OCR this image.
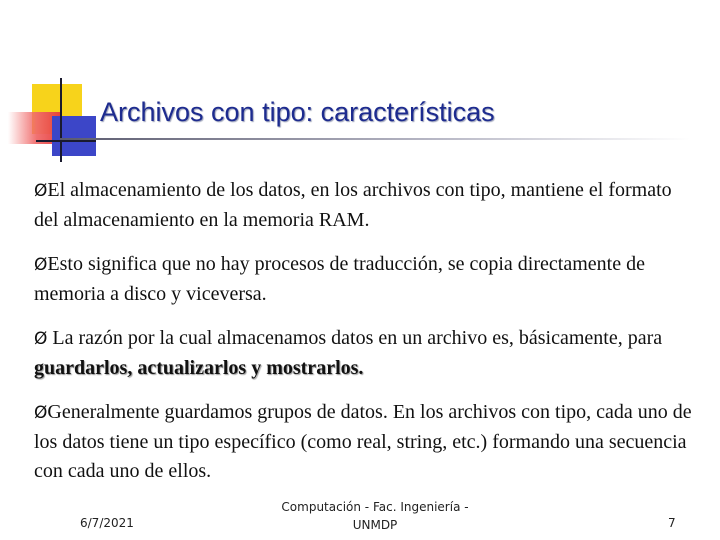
Archivos con tipo: características
ØEl almacenamiento de los datos, en los archivos con tipo, mantiene el formato del almacenamiento en la memoria RAM.
ØEsto significa que no hay procesos de traducción, se copia directamente de memoria a disco y viceversa.
Ø La razón por la cual almacenamos datos en un archivo es, básicamente, para guardarlos, actualizarlos y mostrarlos.
ØGeneralmente guardamos grupos de datos. En los archivos con tipo, cada uno de los datos tiene un tipo específico (como real, string, etc.) formando una secuencia con cada uno de ellos.
6/7/2021
Computación - Fac. Ingeniería -
UNMDP	7
